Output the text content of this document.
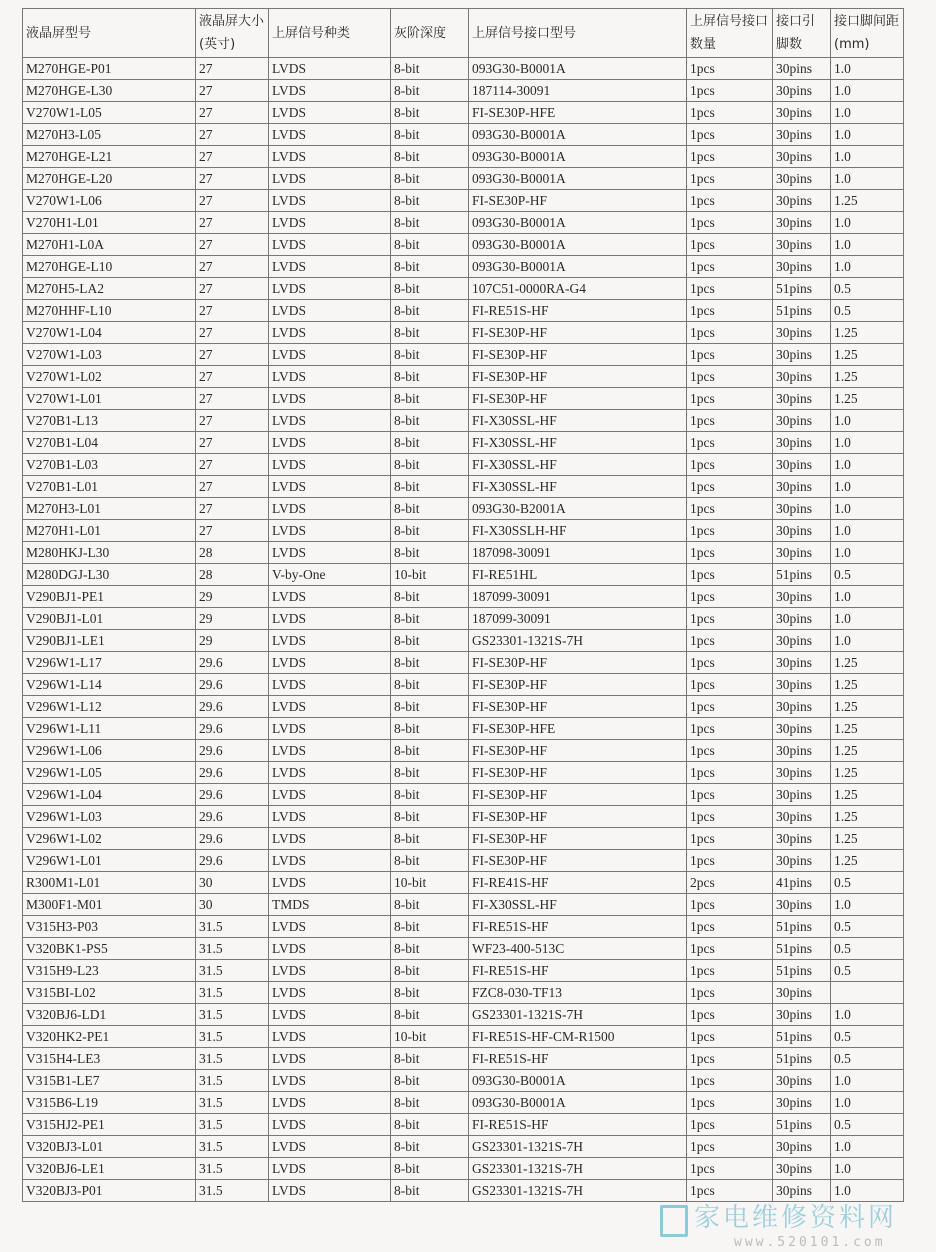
液晶屏型号	液晶屏大小(英寸)	上屏信号种类	灰阶深度	上屏信号接口型号	上屏信号接口数量	接口引脚数	接口脚间距(mm)
M270HGE-P01	27	LVDS	8-bit	093G30-B0001A	1pcs	30pins	1.0
M270HGE-L30	27	LVDS	8-bit	187114-30091	1pcs	30pins	1.0
V270W1-L05	27	LVDS	8-bit	FI-SE30P-HFE	1pcs	30pins	1.0
M270H3-L05	27	LVDS	8-bit	093G30-B0001A	1pcs	30pins	1.0
M270HGE-L21	27	LVDS	8-bit	093G30-B0001A	1pcs	30pins	1.0
M270HGE-L20	27	LVDS	8-bit	093G30-B0001A	1pcs	30pins	1.0
V270W1-L06	27	LVDS	8-bit	FI-SE30P-HF	1pcs	30pins	1.25
V270H1-L01	27	LVDS	8-bit	093G30-B0001A	1pcs	30pins	1.0
M270H1-L0A	27	LVDS	8-bit	093G30-B0001A	1pcs	30pins	1.0
M270HGE-L10	27	LVDS	8-bit	093G30-B0001A	1pcs	30pins	1.0
M270H5-LA2	27	LVDS	8-bit	107C51-0000RA-G4	1pcs	51pins	0.5
M270HHF-L10	27	LVDS	8-bit	FI-RE51S-HF	1pcs	51pins	0.5
V270W1-L04	27	LVDS	8-bit	FI-SE30P-HF	1pcs	30pins	1.25
V270W1-L03	27	LVDS	8-bit	FI-SE30P-HF	1pcs	30pins	1.25
V270W1-L02	27	LVDS	8-bit	FI-SE30P-HF	1pcs	30pins	1.25
V270W1-L01	27	LVDS	8-bit	FI-SE30P-HF	1pcs	30pins	1.25
V270B1-L13	27	LVDS	8-bit	FI-X30SSL-HF	1pcs	30pins	1.0
V270B1-L04	27	LVDS	8-bit	FI-X30SSL-HF	1pcs	30pins	1.0
V270B1-L03	27	LVDS	8-bit	FI-X30SSL-HF	1pcs	30pins	1.0
V270B1-L01	27	LVDS	8-bit	FI-X30SSL-HF	1pcs	30pins	1.0
M270H3-L01	27	LVDS	8-bit	093G30-B2001A	1pcs	30pins	1.0
M270H1-L01	27	LVDS	8-bit	FI-X30SSLH-HF	1pcs	30pins	1.0
M280HKJ-L30	28	LVDS	8-bit	187098-30091	1pcs	30pins	1.0
M280DGJ-L30	28	V-by-One	10-bit	FI-RE51HL	1pcs	51pins	0.5
V290BJ1-PE1	29	LVDS	8-bit	187099-30091	1pcs	30pins	1.0
V290BJ1-L01	29	LVDS	8-bit	187099-30091	1pcs	30pins	1.0
V290BJ1-LE1	29	LVDS	8-bit	GS23301-1321S-7H	1pcs	30pins	1.0
V296W1-L17	29.6	LVDS	8-bit	FI-SE30P-HF	1pcs	30pins	1.25
V296W1-L14	29.6	LVDS	8-bit	FI-SE30P-HF	1pcs	30pins	1.25
V296W1-L12	29.6	LVDS	8-bit	FI-SE30P-HF	1pcs	30pins	1.25
V296W1-L11	29.6	LVDS	8-bit	FI-SE30P-HFE	1pcs	30pins	1.25
V296W1-L06	29.6	LVDS	8-bit	FI-SE30P-HF	1pcs	30pins	1.25
V296W1-L05	29.6	LVDS	8-bit	FI-SE30P-HF	1pcs	30pins	1.25
V296W1-L04	29.6	LVDS	8-bit	FI-SE30P-HF	1pcs	30pins	1.25
V296W1-L03	29.6	LVDS	8-bit	FI-SE30P-HF	1pcs	30pins	1.25
V296W1-L02	29.6	LVDS	8-bit	FI-SE30P-HF	1pcs	30pins	1.25
V296W1-L01	29.6	LVDS	8-bit	FI-SE30P-HF	1pcs	30pins	1.25
R300M1-L01	30	LVDS	10-bit	FI-RE41S-HF	2pcs	41pins	0.5
M300F1-M01	30	TMDS	8-bit	FI-X30SSL-HF	1pcs	30pins	1.0
V315H3-P03	31.5	LVDS	8-bit	FI-RE51S-HF	1pcs	51pins	0.5
V320BK1-PS5	31.5	LVDS	8-bit	WF23-400-513C	1pcs	51pins	0.5
V315H9-L23	31.5	LVDS	8-bit	FI-RE51S-HF	1pcs	51pins	0.5
V315BI-L02	31.5	LVDS	8-bit	FZC8-030-TF13	1pcs	30pins	
V320BJ6-LD1	31.5	LVDS	8-bit	GS23301-1321S-7H	1pcs	30pins	1.0
V320HK2-PE1	31.5	LVDS	10-bit	FI-RE51S-HF-CM-R1500	1pcs	51pins	0.5
V315H4-LE3	31.5	LVDS	8-bit	FI-RE51S-HF	1pcs	51pins	0.5
V315B1-LE7	31.5	LVDS	8-bit	093G30-B0001A	1pcs	30pins	1.0
V315B6-L19	31.5	LVDS	8-bit	093G30-B0001A	1pcs	30pins	1.0
V315HJ2-PE1	31.5	LVDS	8-bit	FI-RE51S-HF	1pcs	51pins	0.5
V320BJ3-L01	31.5	LVDS	8-bit	GS23301-1321S-7H	1pcs	30pins	1.0
V320BJ6-LE1	31.5	LVDS	8-bit	GS23301-1321S-7H	1pcs	30pins	1.0
V320BJ3-P01	31.5	LVDS	8-bit	GS23301-1321S-7H	1pcs	30pins	1.0
家电维修资料网
www.520101.com
